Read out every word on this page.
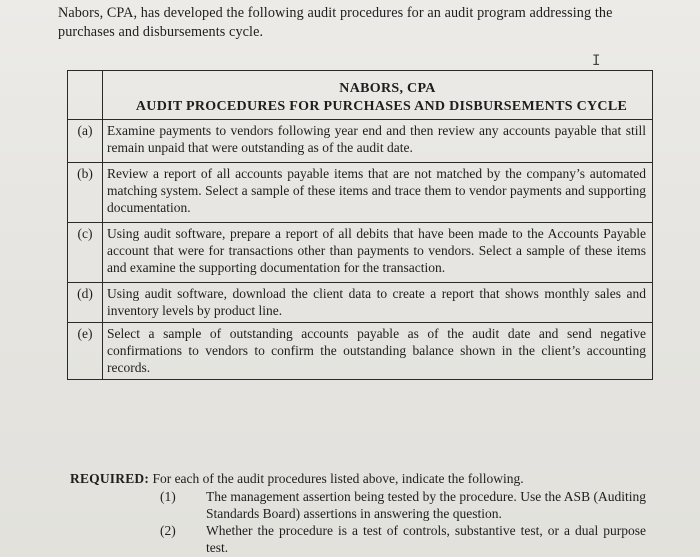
Nabors, CPA, has developed the following audit procedures for an audit program addressing the purchases and disbursements cycle.
I
NABORS, CPA
AUDIT PROCEDURES FOR PURCHASES AND DISBURSEMENTS CYCLE
(a)	Examine payments to vendors following year end and then review any accounts payable that still remain unpaid that were outstanding as of the audit date.
(b)	Review a report of all accounts payable items that are not matched by the company’s automated matching system. Select a sample of these items and trace them to vendor payments and supporting documentation.
(c)	Using audit software, prepare a report of all debits that have been made to the Accounts Payable account that were for transactions other than payments to vendors. Select a sample of these items and examine the supporting documentation for the transaction.
(d)	Using audit software, download the client data to create a report that shows monthly sales and inventory levels by product line.
(e)	Select a sample of outstanding accounts payable as of the audit date and send negative confirmations to vendors to confirm the outstanding balance shown in the client’s accounting records.
REQUIRED: For each of the audit procedures listed above, indicate the following.
(1) The management assertion being tested by the procedure. Use the ASB (Auditing Standards Board) assertions in answering the question.
(2) Whether the procedure is a test of controls, substantive test, or a dual purpose test.
